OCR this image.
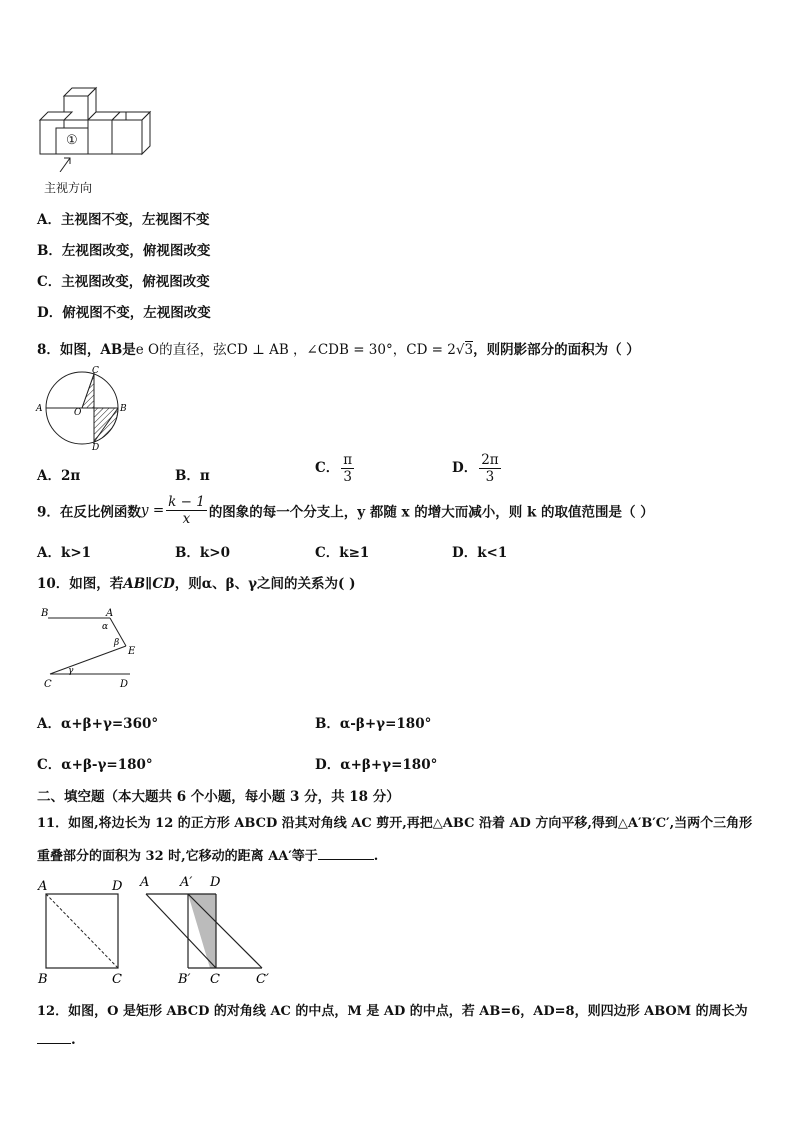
①
主视方向
A．主视图不变，左视图不变
B．左视图改变，俯视图改变
C．主视图改变，俯视图改变
D．俯视图不变，左视图改变
8．如图，AB是e O的直径，弦CD ⊥ AB ，∠CDB = 30°，CD = 2√3，则阴影部分的面积为（ ）
A	B
C
D
O
A．2π	B．π	C． $\frac{\pi}{3}$	D． $\frac{2\pi}{3}$
9．在反比例函数$y = \frac{k - 1}{x}$ 的图象的每一个分支上，y 都随 x 的增大而减小，则 k 的取值范围是（ ）
A．k>1	B．k>0	C．k≥1	D．k<1
10．如图，若AB∥CD，则α、β、γ之间的关系为( )
B	A
α
β
E
γ
C	D
A．α+β+γ=360°	B．α-β+γ=180°
C．α+β-γ=180°	D．α+β+γ=180°
二、填空题（本大题共 6 个小题，每小题 3 分，共 18 分）
11．如图,将边长为 12 的正方形 ABCD 沿其对角线 AC 剪开,再把△ABC 沿着 AD 方向平移,得到△A′B′C′,当两个三角形
重叠部分的面积为 32 时,它移动的距离 AA′等于	.
A	D
B	C
A A′ D
B′ C	C′
12．如图，O 是矩形 ABCD 的对角线 AC 的中点，M 是 AD 的中点，若 AB=6，AD=8，则四边形 ABOM 的周长为
.
